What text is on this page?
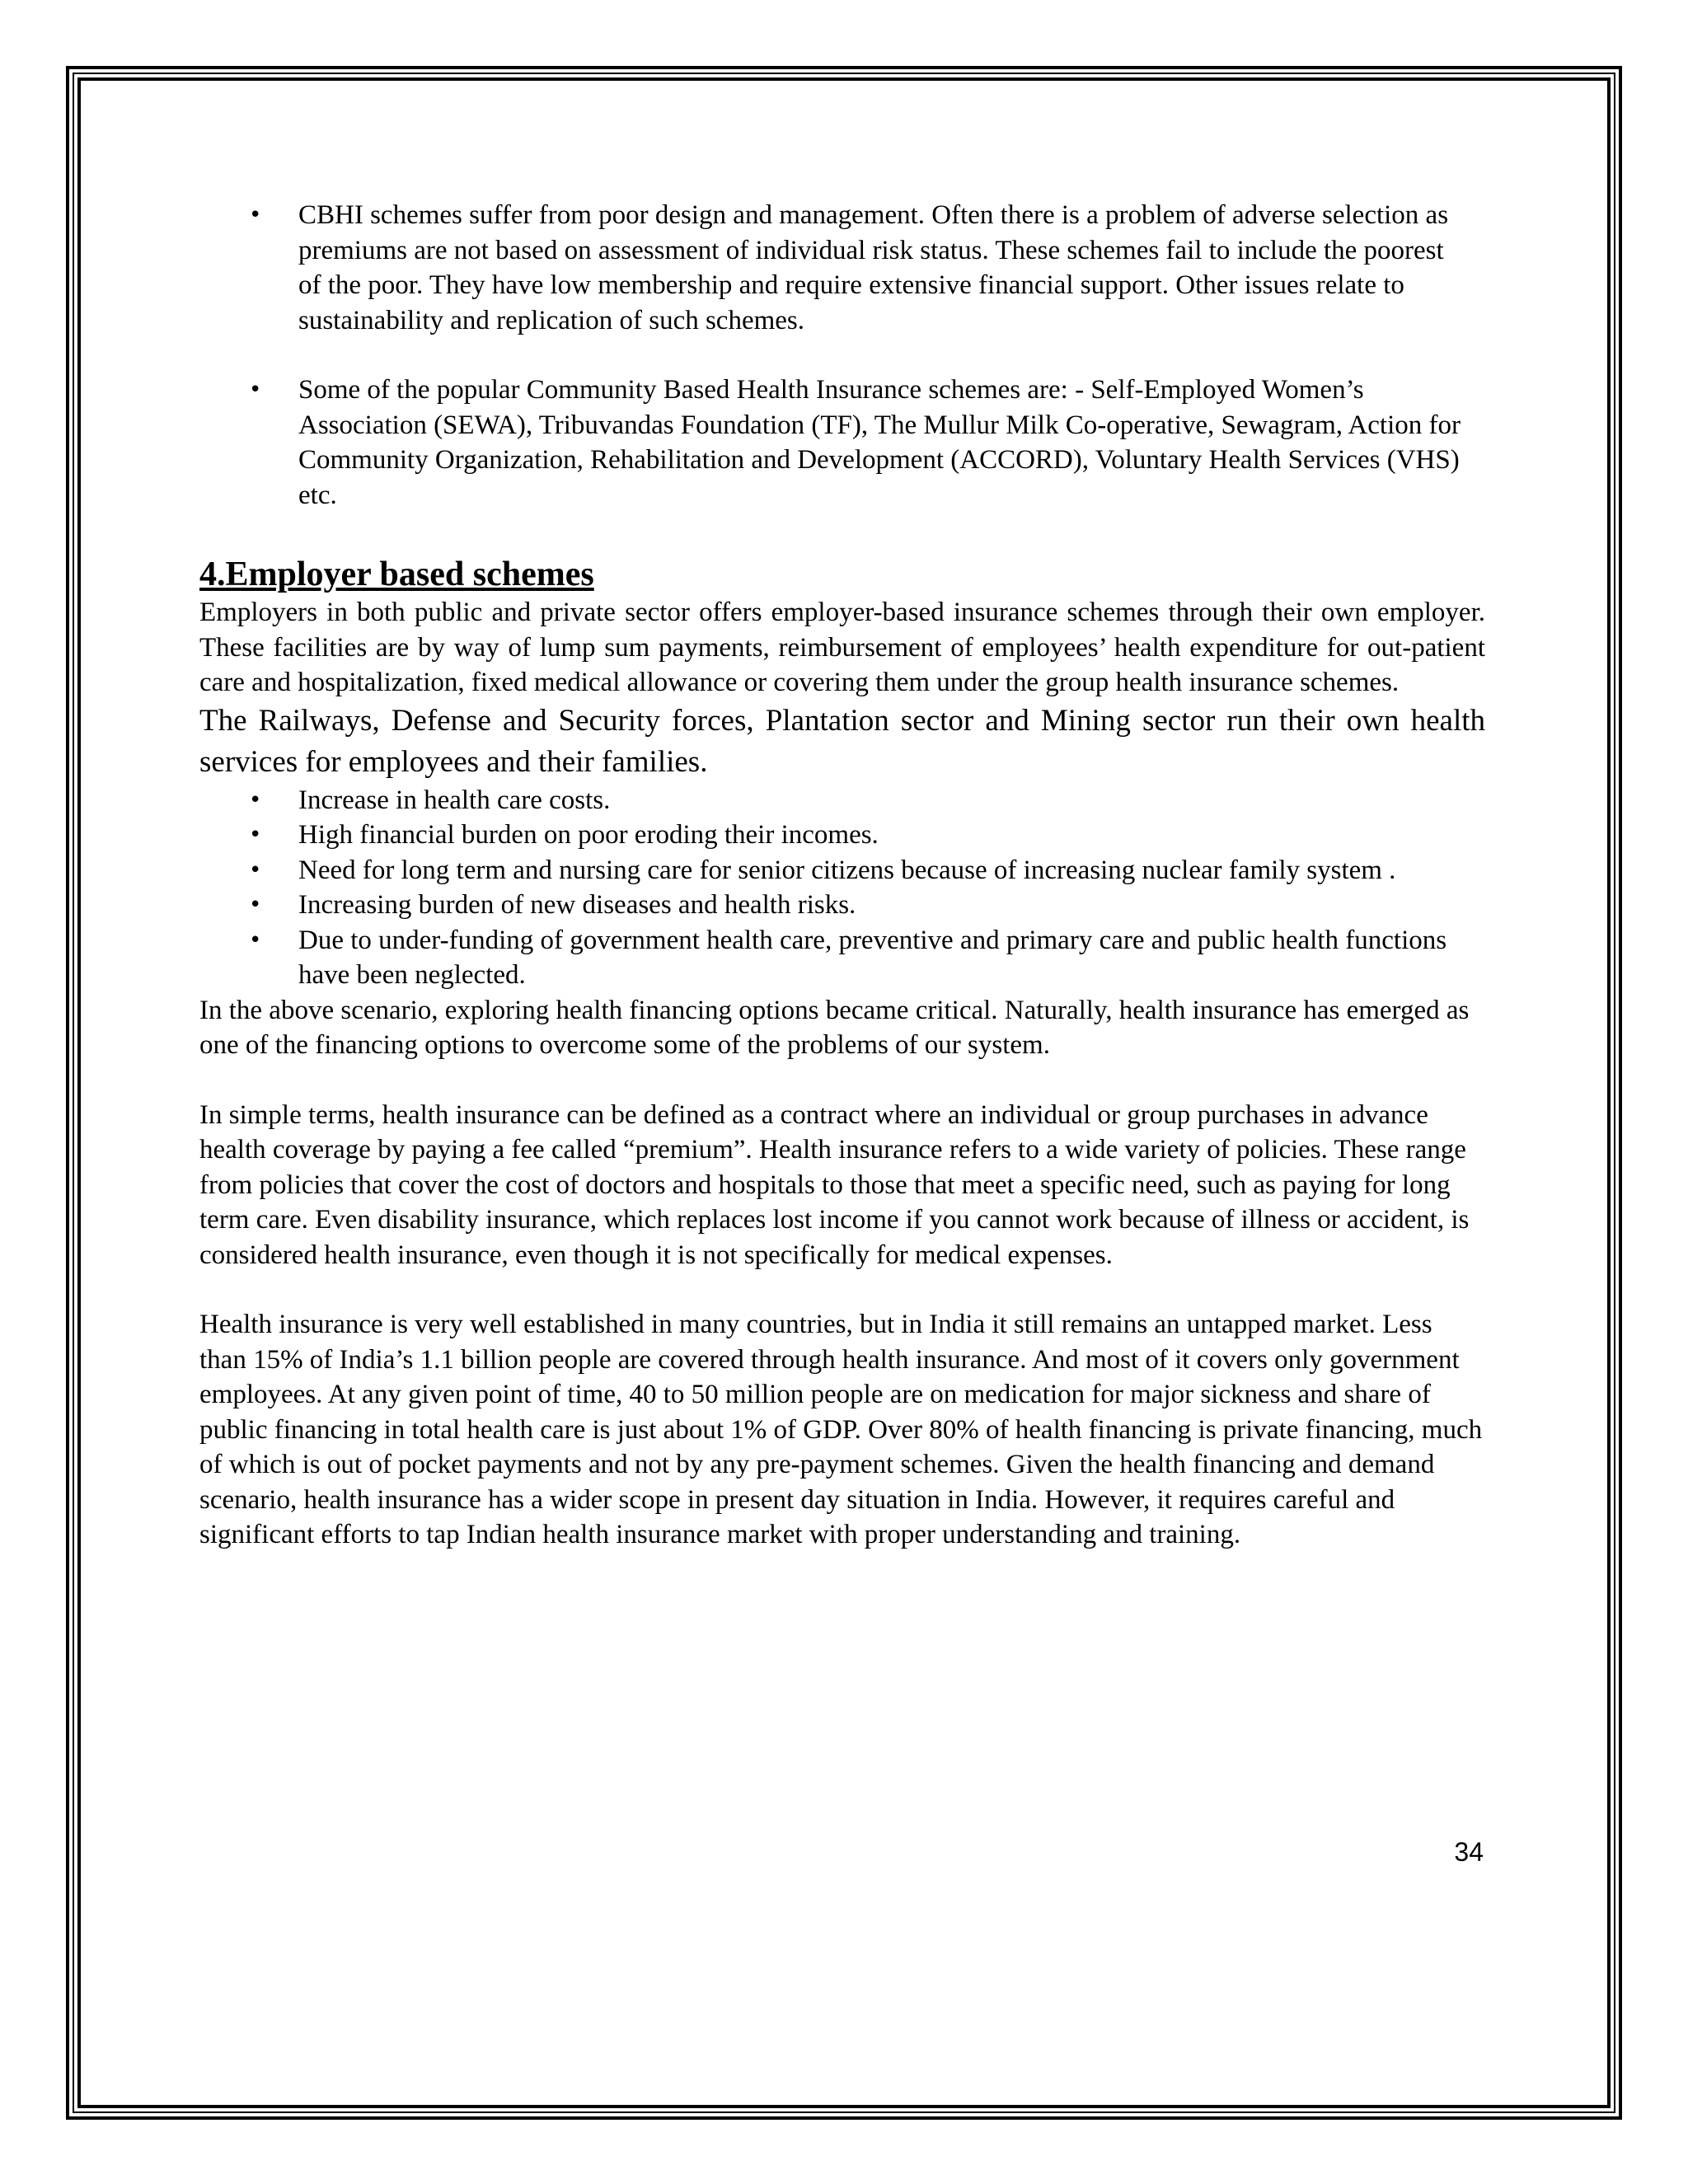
• CBHI schemes suffer from poor design and management. Often there is a problem of adverse selection as premiums are not based on assessment of individual risk status. These schemes fail to include the poorest of the poor. They have low membership and require extensive financial support. Other issues relate to sustainability and replication of such schemes.
• Some of the popular Community Based Health Insurance schemes are: - Self-Employed Women’s Association (SEWA), Tribuvandas Foundation (TF), The Mullur Milk Co-operative, Sewagram, Action for Community Organization, Rehabilitation and Development (ACCORD), Voluntary Health Services (VHS) etc.
4.Employer based schemes

Employers in both public and private sector offers employer-based insurance schemes through their own employer. These facilities are by way of lump sum payments, reimbursement of employees’ health expenditure for out-patient care and hospitalization, fixed medical allowance or covering them under the group health insurance schemes.

The Railways, Defense and Security forces, Plantation sector and Mining sector run their own health services for employees and their families.

• Increase in health care costs.
• High financial burden on poor eroding their incomes.
• Need for long term and nursing care for senior citizens because of increasing nuclear family system .
• Increasing burden of new diseases and health risks.
• Due to under-funding of government health care, preventive and primary care and public health functions have been neglected.

In the above scenario, exploring health financing options became critical. Naturally, health insurance has emerged as one of the financing options to overcome some of the problems of our system.

In simple terms, health insurance can be defined as a contract where an individual or group purchases in advance health coverage by paying a fee called “premium”. Health insurance refers to a wide variety of policies. These range from policies that cover the cost of doctors and hospitals to those that meet a specific need, such as paying for long term care. Even disability insurance, which replaces lost income if you cannot work because of illness or accident, is considered health insurance, even though it is not specifically for medical expenses.

Health insurance is very well established in many countries, but in India it still remains an untapped market. Less than 15% of India’s 1.1 billion people are covered through health insurance. And most of it covers only government employees. At any given point of time, 40 to 50 million people are on medication for major sickness and share of public financing in total health care is just about 1% of GDP. Over 80% of health financing is private financing, much of which is out of pocket payments and not by any pre-payment schemes. Given the health financing and demand scenario, health insurance has a wider scope in present day situation in India. However, it requires careful and significant efforts to tap Indian health insurance market with proper understanding and training.

34
